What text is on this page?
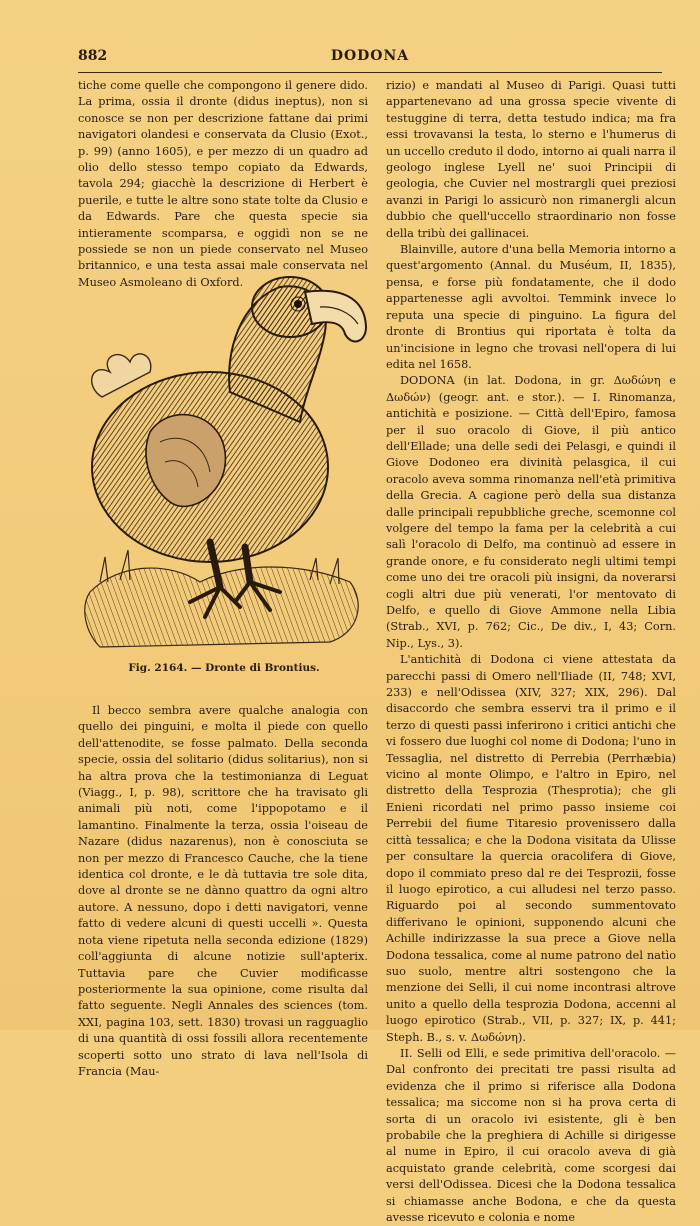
882	DODONA

tiche come quelle che compongono il genere dido. La prima, ossia il dronte (didus ineptus), non si conosce se non per descrizione fattane dai primi navigatori olandesi e conservata da Clusio (Exot., p. 99) (anno 1605), e per mezzo di un quadro ad olio dello stesso tempo copiato da Edwards, tavola 294; giacchè la descrizione di Herbert è puerile, e tutte le altre sono state tolte da Clusio e da Edwards. Pare che questa specie sia intieramente scomparsa, e oggidì non se ne possiede se non un piede conservato nel Museo britannico, e una testa assai male conservata nel Museo Asmoleano di Oxford.

Fig. 2164. — Dronte di Brontius.

Il becco sembra avere qualche analogia con quello dei pinguini, e molta il piede con quello dell'attenodite, se fosse palmato. Della seconda specie, ossia del solitario (didus solitarius), non si ha altra prova che la testimonianza di Leguat (Viagg., I, p. 98), scrittore che ha travisato gli animali più noti, come l'ippopotamo e il lamantino. Finalmente la terza, ossia l'oiseau de Nazare (didus nazarenus), non è conosciuta se non per mezzo di Francesco Cauche, che la tiene identica col dronte, e le dà tuttavia tre sole dita, dove al dronte se ne dànno quattro da ogni altro autore. A nessuno, dopo i detti navigatori, venne fatto di vedere alcuni di questi uccelli ». Questa nota viene ripetuta nella seconda edizione (1829) coll'aggiunta di alcune notizie sull'apterix. Tuttavia pare che Cuvier modificasse posteriormente la sua opinione, come risulta dal fatto seguente. Negli Annales des sciences (tom. XXI, pagina 103, sett. 1830) trovasi un ragguaglio di una quantità di ossi fossili allora recentemente scoperti sotto uno strato di lava nell'Isola di Francia (Mau-

rizio) e mandati al Museo di Parigi. Quasi tutti appartenevano ad una grossa specie vivente di testuggine di terra, detta testudo indica; ma fra essi trovavansi la testa, lo sterno e l'humerus di un uccello creduto il dodo, intorno ai quali narra il geologo inglese Lyell ne' suoi Principii di geologia, che Cuvier nel mostrargli quei preziosi avanzi in Parigi lo assicurò non rimanergli alcun dubbio che quell'uccello straordinario non fosse della tribù dei gallinacei.

Blainville, autore d'una bella Memoria intorno a quest'argomento (Annal. du Muséum, II, 1835), pensa, e forse più fondatamente, che il dodo appartenesse agli avvoltoi. Temmink invece lo reputa una specie di pinguino. La figura del dronte di Brontius qui riportata è tolta da un'incisione in legno che trovasi nell'opera di lui edita nel 1658.

DODONA (in lat. Dodona, in gr. Δωδώνη e Δωδών) (geogr. ant. e stor.). — I. Rinomanza, antichità e posizione. — Città dell'Epiro, famosa per il suo oracolo di Giove, il più antico dell'Ellade; una delle sedi dei Pelasgi, e quindi il Giove Dodoneo era divinità pelasgica, il cui oracolo aveva somma rinomanza nell'età primitiva della Grecia. A cagione però della sua distanza dalle principali repubbliche greche, scemonne col volgere del tempo la fama per la celebrità a cui salì l'oracolo di Delfo, ma continuò ad essere in grande onore, e fu considerato negli ultimi tempi come uno dei tre oracoli più insigni, da noverarsi cogli altri due più venerati, l'or mentovato di Delfo, e quello di Giove Ammone nella Libia (Strab., XVI, p. 762; Cic., De div., I, 43; Corn. Nip., Lys., 3).

L'antichità di Dodona ci viene attestata da parecchi passi di Omero nell'Iliade (II, 748; XVI, 233) e nell'Odissea (XIV, 327; XIX, 296). Dal disaccordo che sembra esservi tra il primo e il terzo di questi passi inferirono i critici antichi che vi fossero due luoghi col nome di Dodona; l'uno in Tessaglia, nel distretto di Perrebia (Perrhæbia) vicino al monte Olimpo, e l'altro in Epiro, nel distretto della Tesprozia (Thesprotia); che gli Enieni ricordati nel primo passo insieme coi Perrebii del fiume Titaresio provenissero dalla città tessalica; e che la Dodona visitata da Ulisse per consultare la quercia oracolifera di Giove, dopo il commiato preso dal re dei Tesprozii, fosse il luogo epirotico, a cui alludesi nel terzo passo. Riguardo poi al secondo summentovato differivano le opinioni, supponendo alcuni che Achille indirizzasse la sua prece a Giove nella Dodona tessalica, come al nume patrono del natìo suo suolo, mentre altri sostengono che la menzione dei Selli, il cui nome incontrasi altrove unito a quello della tesprozia Dodona, accenni al luogo epirotico (Strab., VII, p. 327; IX, p. 441; Steph. B., s. v. Δωδώνη).

II. Selli od Elli, e sede primitiva dell'oracolo. — Dal confronto dei precitati tre passi risulta ad evidenza che il primo si riferisce alla Dodona tessalica; ma siccome non si ha prova certa di sorta di un oracolo ivi esistente, gli è ben probabile che la preghiera di Achille si dirigesse al nume in Epiro, il cui oracolo aveva di già acquistato grande celebrità, come scorgesi dai versi dell'Odissea. Dicesi che la Dodona tessalica si chiamasse anche Bodona, e che da questa avesse ricevuto e colonia e nome
